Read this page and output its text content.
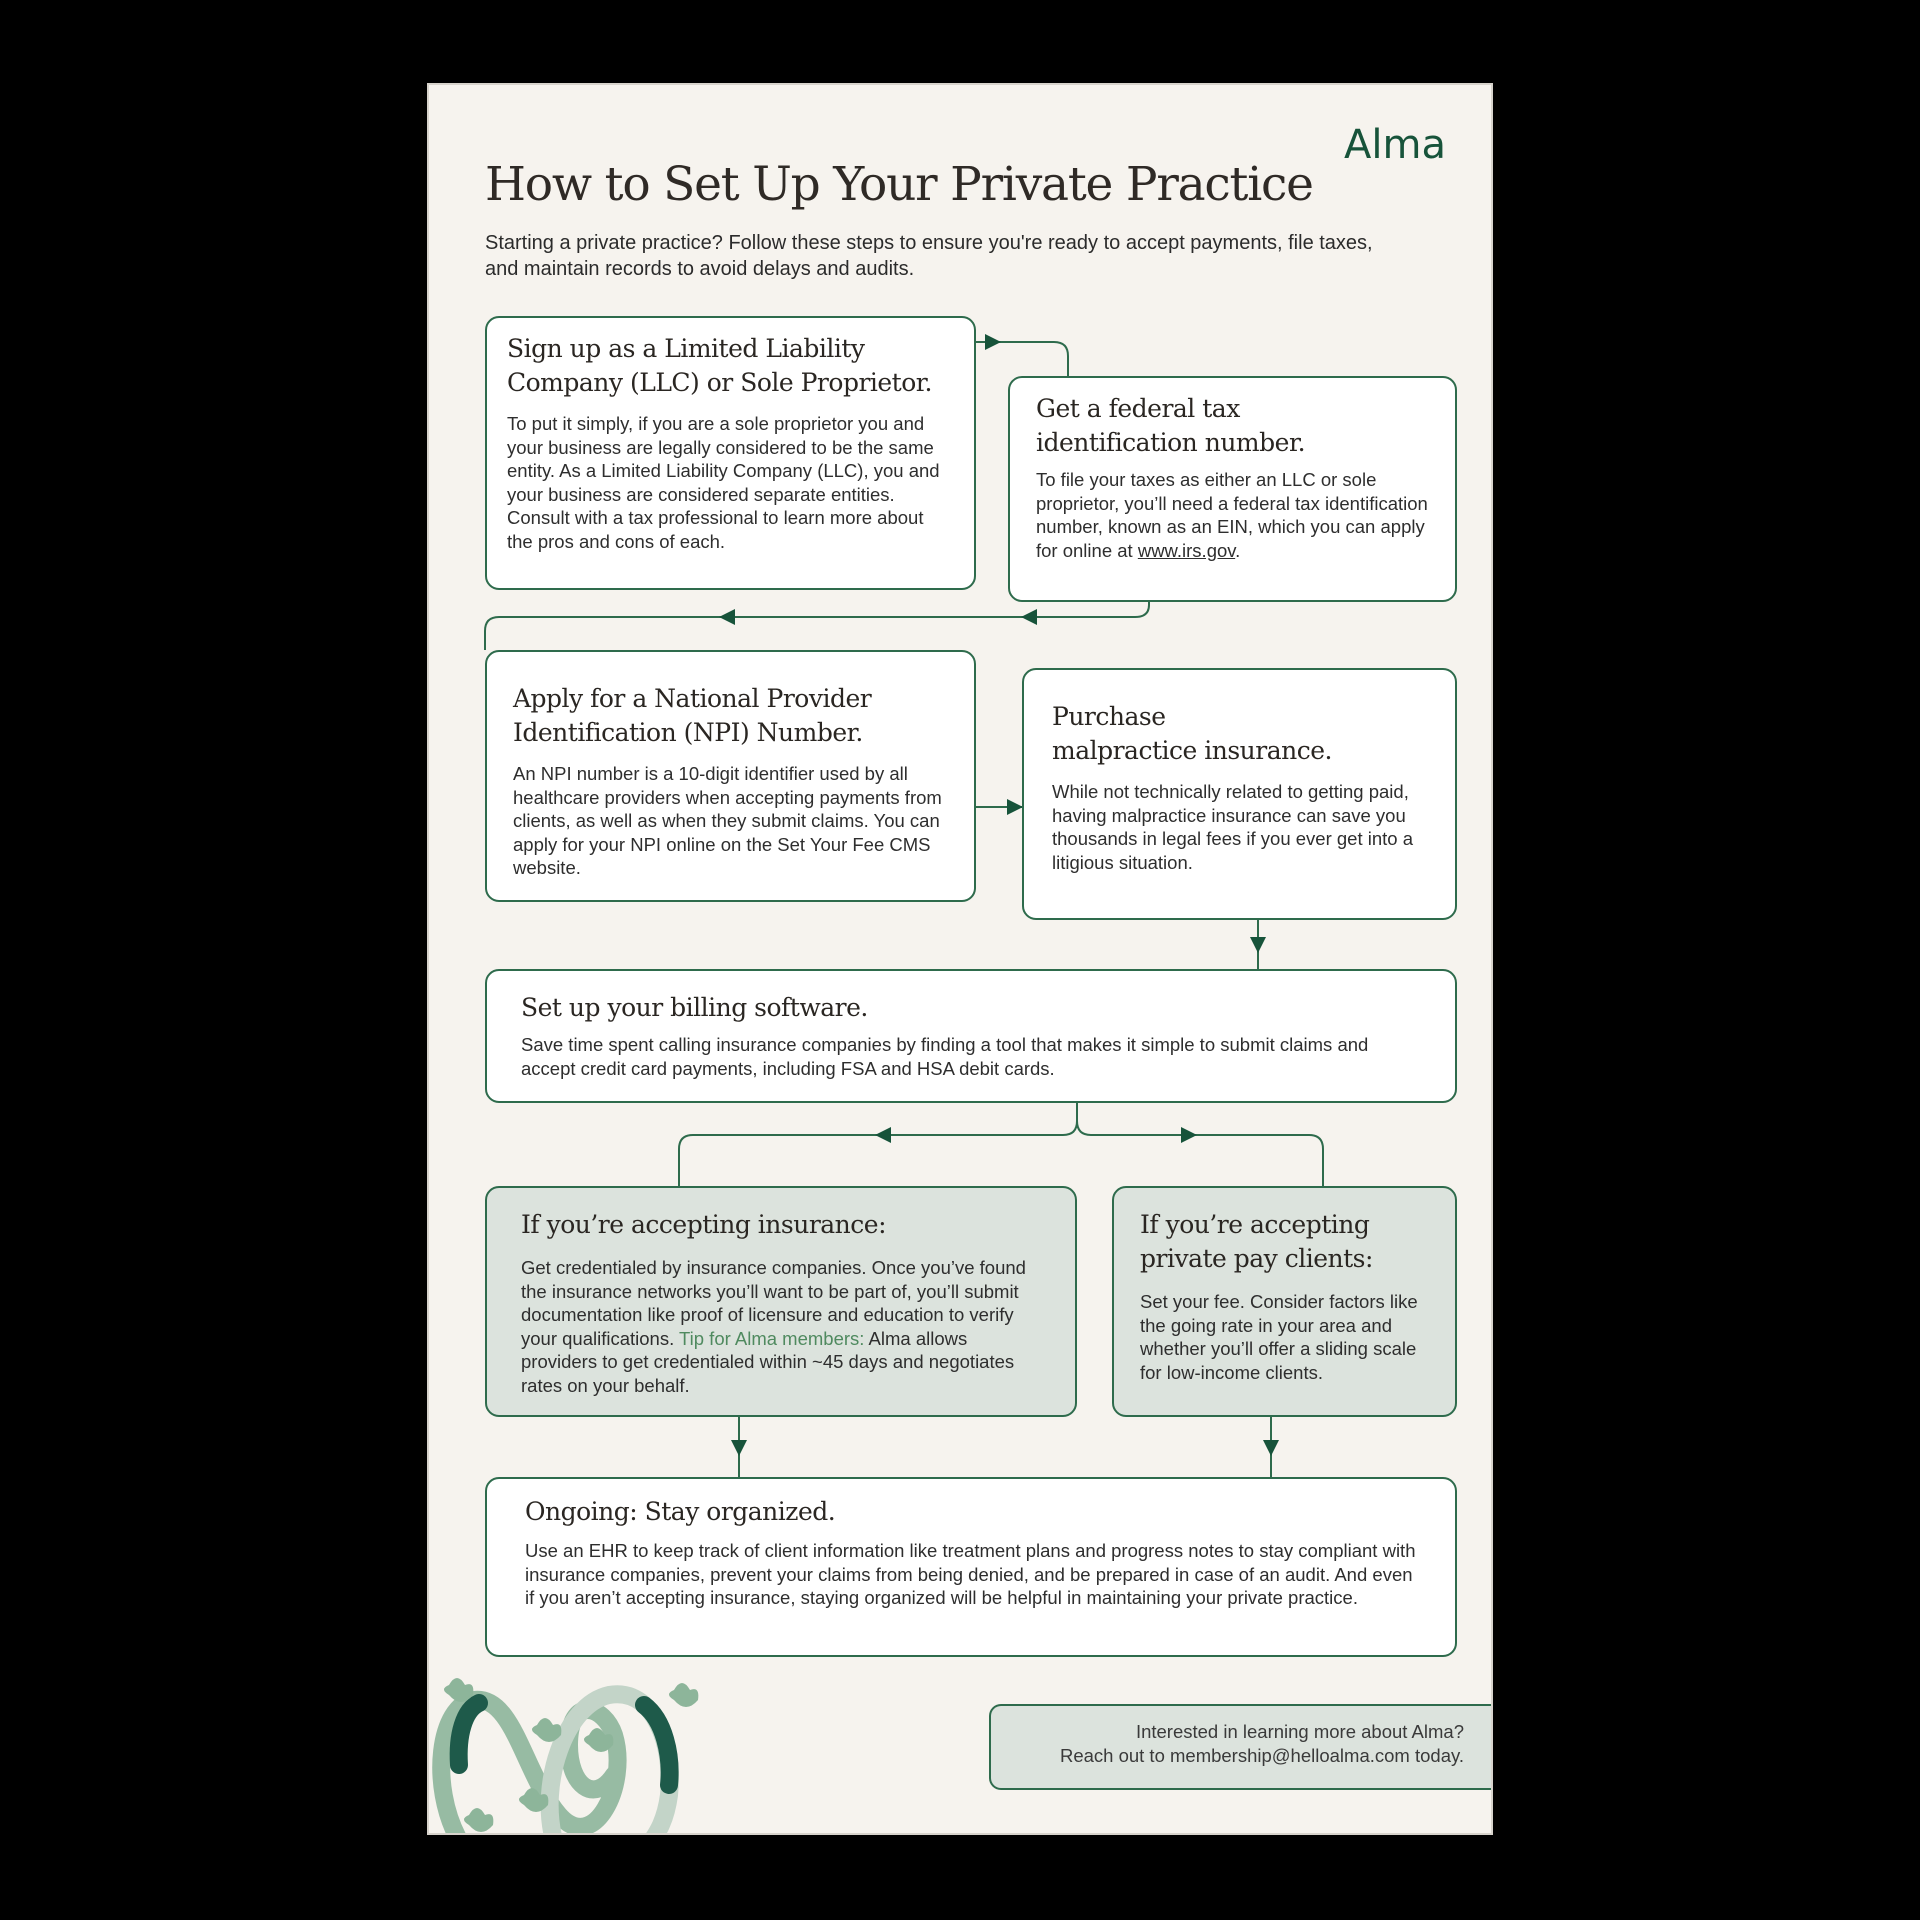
Alma
How to Set Up Your Private Practice
Starting a private practice? Follow these steps to ensure you're ready to accept payments, file taxes, and maintain records to avoid delays and audits.
Sign up as a Limited Liability Company (LLC) or Sole Proprietor.

To put it simply, if you are a sole proprietor you and your business are legally considered to be the same entity. As a Limited Liability Company (LLC), you and your business are considered separate entities. Consult with a tax professional to learn more about the pros and cons of each.

Get a federal tax identification number.

To file your taxes as either an LLC or sole proprietor, you’ll need a federal tax identification number, known as an EIN, which you can apply for online at www.irs.gov.

Apply for a National Provider Identification (NPI) Number.

An NPI number is a 10-digit identifier used by all healthcare providers when accepting payments from clients, as well as when they submit claims. You can apply for your NPI online on the Set Your Fee CMS website.

Purchase
malpractice insurance.

While not technically related to getting paid, having malpractice insurance can save you thousands in legal fees if you ever get into a litigious situation.

Set up your billing software.

Save time spent calling insurance companies by finding a tool that makes it simple to submit claims and accept credit card payments, including FSA and HSA debit cards.

If you’re accepting insurance:

Get credentialed by insurance companies. Once you’ve found the insurance networks you’ll want to be part of, you’ll submit documentation like proof of licensure and education to verify your qualifications. Tip for Alma members: Alma allows providers to get credentialed within ~45 days and negotiates rates on your behalf.

If you’re accepting private pay clients:

Set your fee. Consider factors like the going rate in your area and whether you’ll offer a sliding scale for low-income clients.

Ongoing: Stay organized.

Use an EHR to keep track of client information like treatment plans and progress notes to stay compliant with insurance companies, prevent your claims from being denied, and be prepared in case of an audit. And even if you aren’t accepting insurance, staying organized will be helpful in maintaining your private practice.

Interested in learning more about Alma?
Reach out to membership@helloalma.com today.
